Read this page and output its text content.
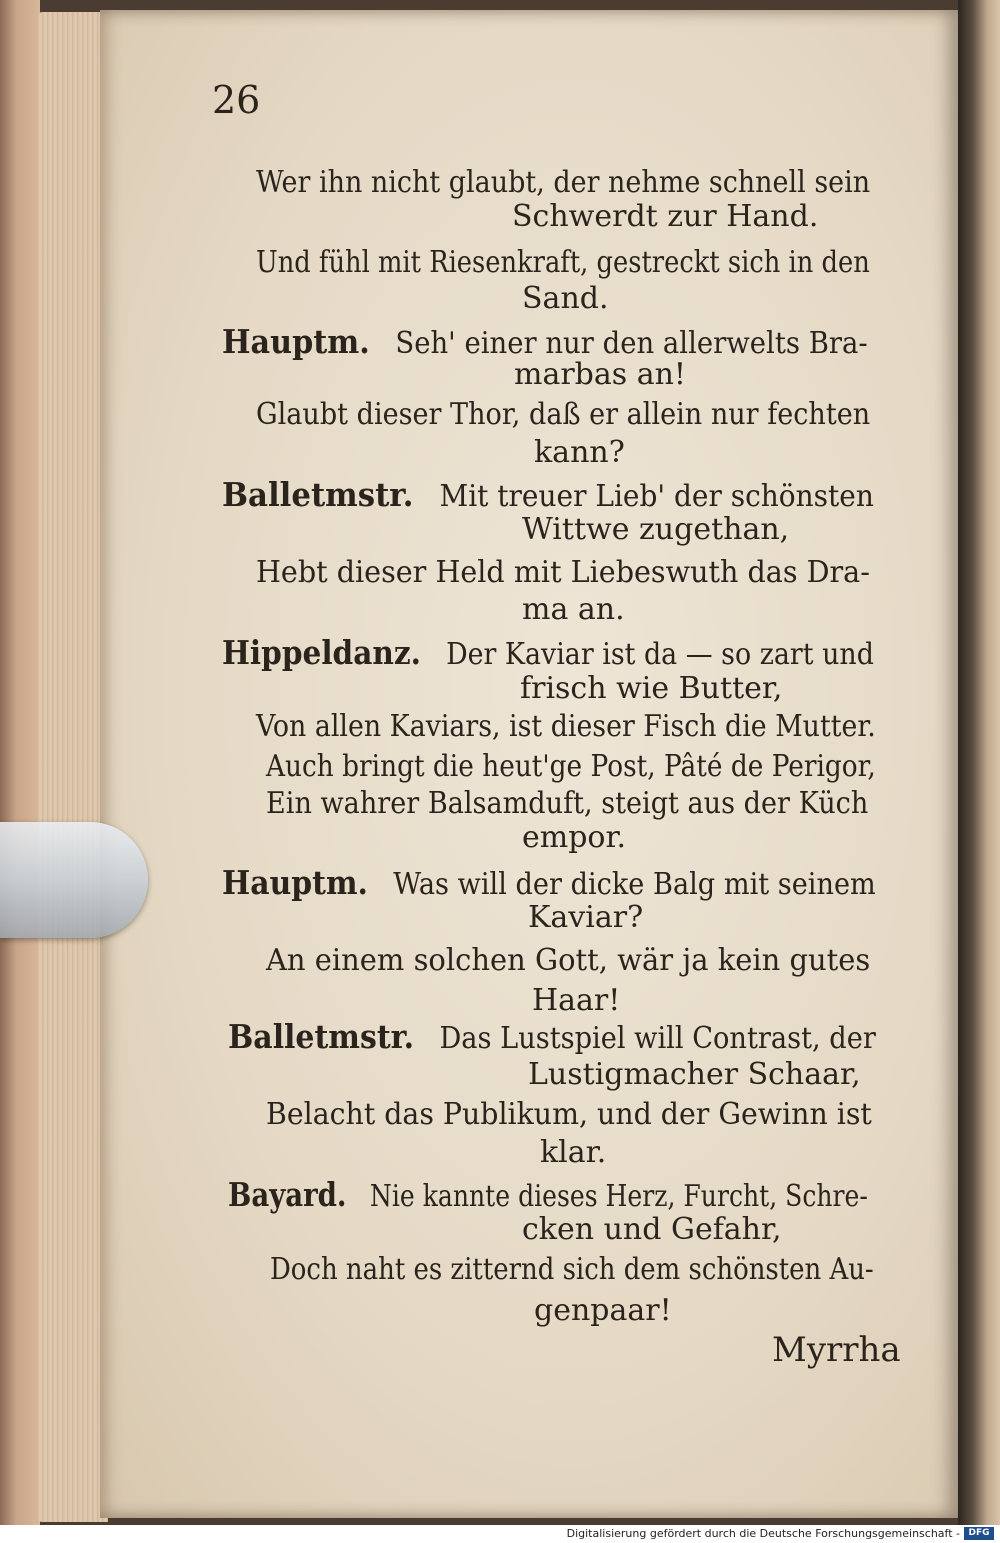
26
Wer ihn nicht glaubt, der nehme schnell sein
Schwerdt zur Hand.
Und fühl mit Riesenkraft, gestreckt sich in den
Sand.
Hauptm. Seh' einer nur den allerwelts Bra-
marbas an!
Glaubt dieser Thor, daß er allein nur fechten
kann?
Balletmstr. Mit treuer Lieb' der schönsten
Wittwe zugethan,
Hebt dieser Held mit Liebeswuth das Dra-
ma an.
Hippeldanz. Der Kaviar ist da — so zart und
frisch wie Butter,
Von allen Kaviars, ist dieser Fisch die Mutter.
Auch bringt die heut'ge Post, Pâté de Perigor,
Ein wahrer Balsamduft, steigt aus der Küch
empor.
Hauptm. Was will der dicke Balg mit seinem
Kaviar?
An einem solchen Gott, wär ja kein gutes
Haar!
Balletmstr. Das Lustspiel will Contrast, der
Lustigmacher Schaar,
Belacht das Publikum, und der Gewinn ist
klar.
Bayard. Nie kannte dieses Herz, Furcht, Schre-
cken und Gefahr,
Doch naht es zitternd sich dem schönsten Au-
genpaar!
Myrrha
Digitalisierung gefördert durch die Deutsche Forschungsgemeinschaft - DFG
